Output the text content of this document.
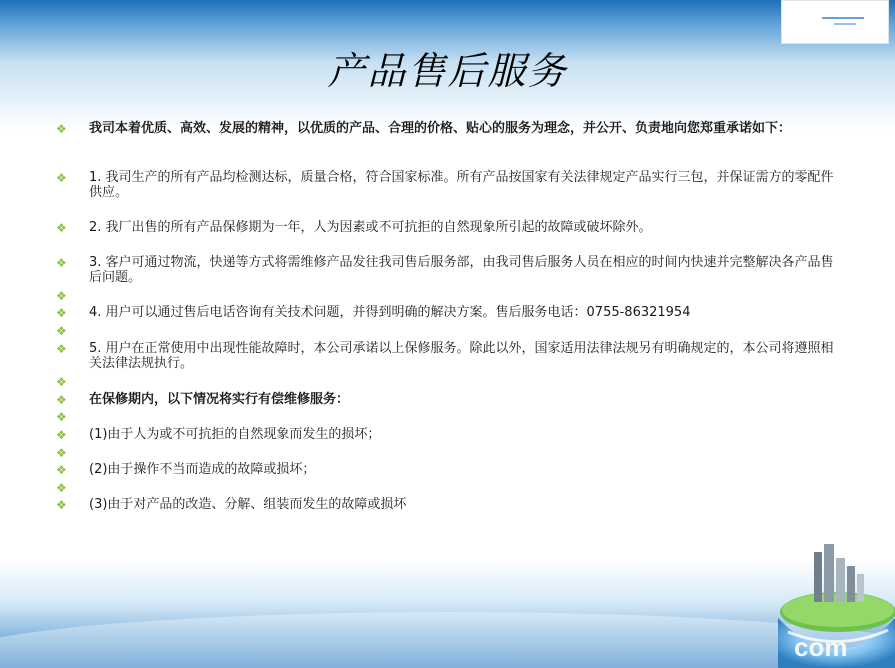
产品售后服务
❖ 我司本着优质、高效、发展的精神，以优质的产品、合理的价格、贴心的服务为理念，并公开、负责地向您郑重承诺如下：
❖ 1. 我司生产的所有产品均检测达标，质量合格，符合国家标准。所有产品按国家有关法律规定产品实行三包，并保证需方的零配件供应。
❖ 2. 我厂出售的所有产品保修期为一年，人为因素或不可抗拒的自然现象所引起的故障或破坏除外。
❖ 3. 客户可通过物流，快递等方式将需维修产品发往我司售后服务部，由我司售后服务人员在相应的时间内快速并完整解决各产品售后问题。
❖
❖ 4. 用户可以通过售后电话咨询有关技术问题，并得到明确的解决方案。售后服务电话：0755-86321954
❖
❖ 5. 用户在正常使用中出现性能故障时，本公司承诺以上保修服务。除此以外，国家适用法律法规另有明确规定的，本公司将遵照相关法律法规执行。
❖
❖ 在保修期内，以下情况将实行有偿维修服务：
❖
❖ (1)由于人为或不可抗拒的自然现象而发生的损坏；
❖
❖ (2)由于操作不当而造成的故障或损坏；
❖
❖ (3)由于对产品的改造、分解、组装而发生的故障或损坏
com
